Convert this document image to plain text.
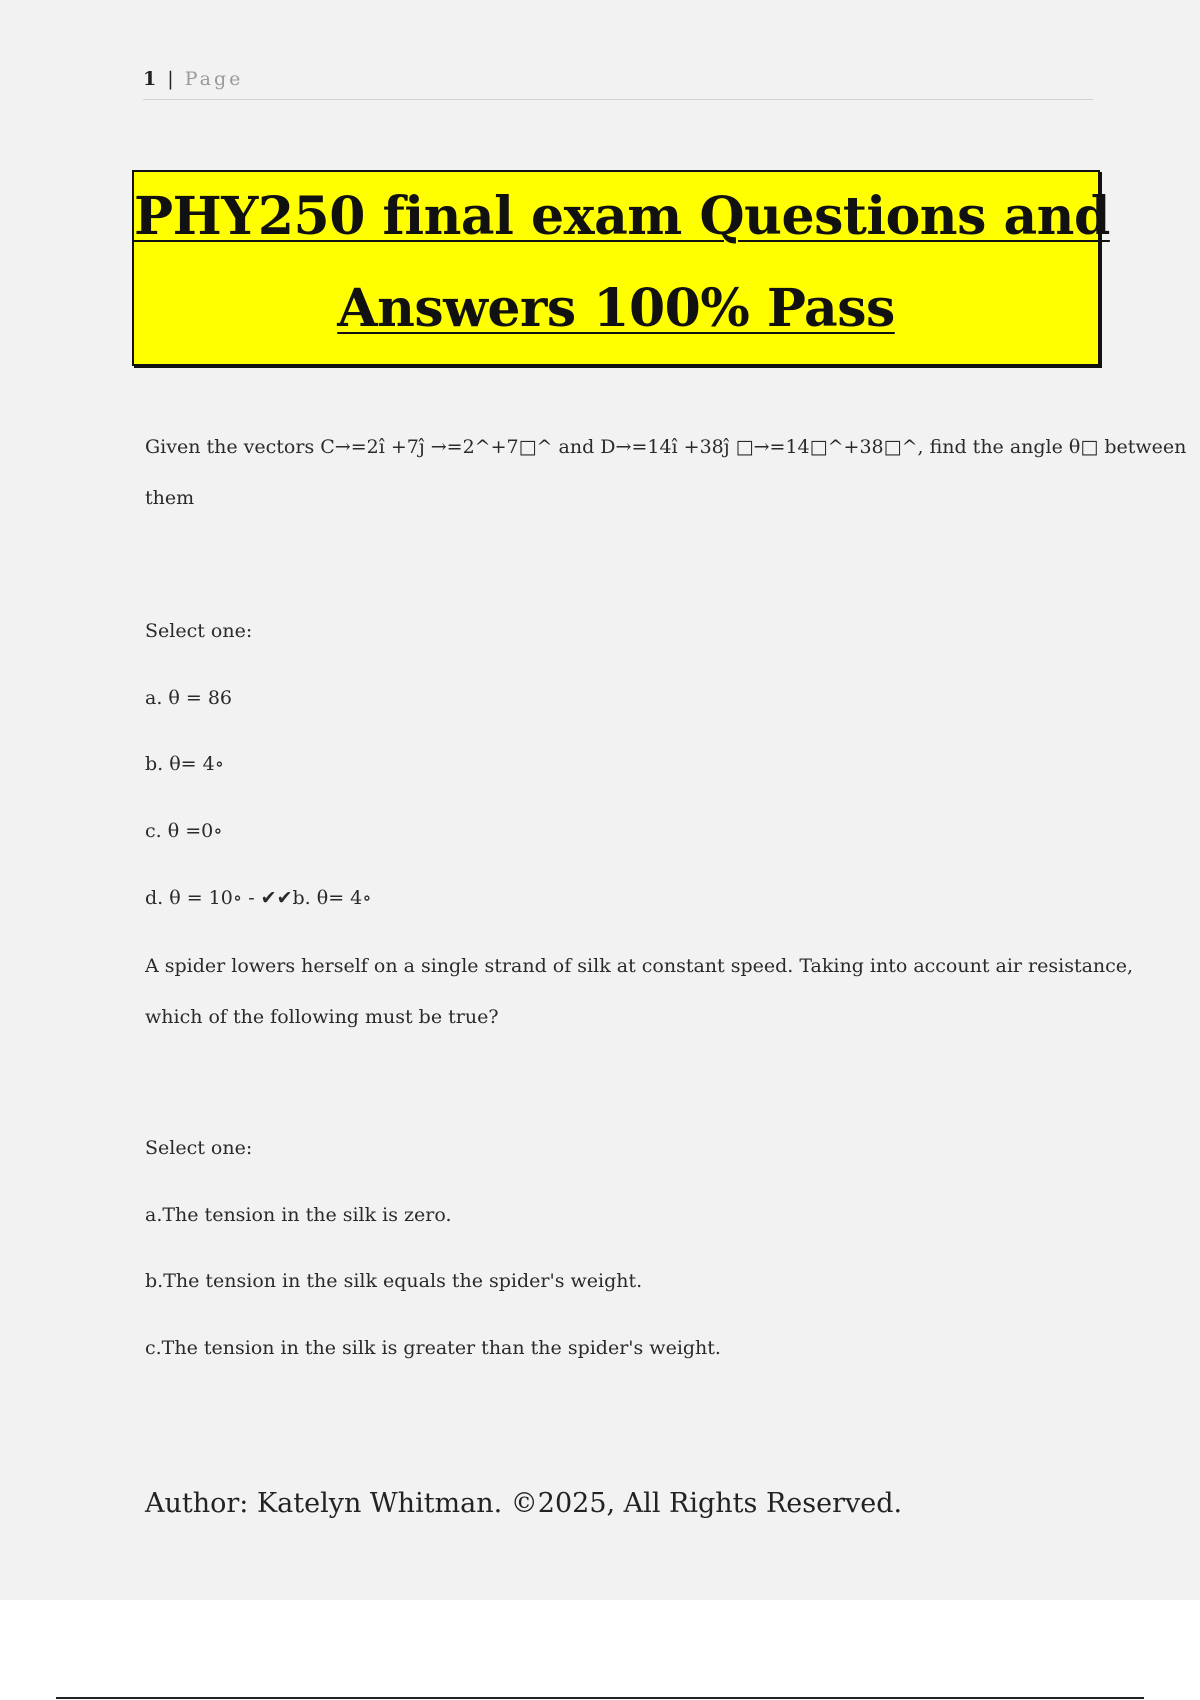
1 | Page
PHY250 final exam Questions and
Answers 100% Pass
Given the vectors C→=2î +7ĵ →=2^+7□^ and D→=14î +38ĵ □→=14□^+38□^, find the angle θ□ between
them
Select one:
a. θ = 86
b. θ= 4∘
c. θ =0∘
d. θ = 10∘ - ✔✔b. θ= 4∘
A spider lowers herself on a single strand of silk at constant speed. Taking into account air resistance,
which of the following must be true?
Select one:
a.The tension in the silk is zero.
b.The tension in the silk equals the spider's weight.
c.The tension in the silk is greater than the spider's weight.
Author: Katelyn Whitman. ©2025, All Rights Reserved.
